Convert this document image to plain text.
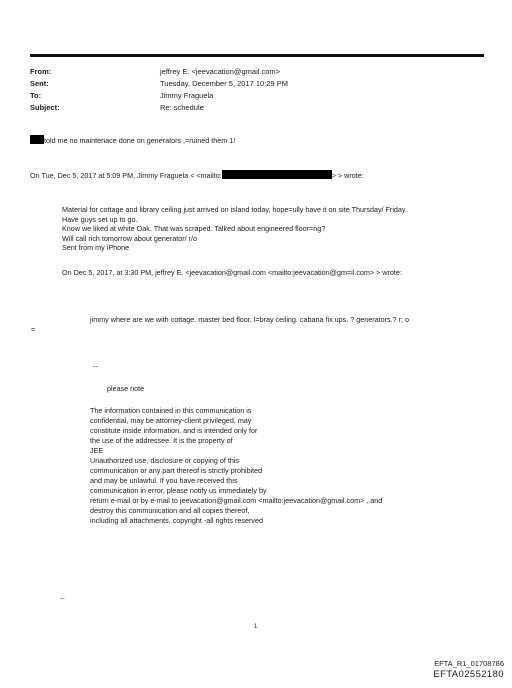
From:	jeffrey E. <jeevacation@gmail.com>
Sent:	Tuesday, December 5, 2017 10:29 PM
To:	Jimmy Fraguela
Subject:	Re: schedule
told me no maintenace done on generators ,=ruined them 1!
On Tue, Dec 5, 2017 at 5:09 PM, Jimmy Fraguela < <mailto:	> > wrote:
Material for cottage and library ceiling just arrived on island today, hope=ully have it on site Thursday/ Friday.
Have guys set up to go.
Know we liked at white Oak. That was scraped. Talked about engineered floor=ng?
Will call rich tomorrow about generator/ r/o
Sent from my iPhone
On Dec 5, 2017, at 3:30 PM, jeffrey E. <jeevacation@gmail.com <mailto:jeevacation@gm=il.com> > wrote:
jimmy where are we with cottage. master bed floor. l=bray ceiling. cabana fix ups. ? generators.? r; o
=
--
please note
The information contained in this communication is
confidential, may be attorney-client privileged, may
constitute inside information, and is intended only for
the use of the addressee. It is the property of
JEE
Unauthorized use, disclosure or copying of this
communication or any part thereof is strictly prohibited
and may be unlawful. If you have received this
communication in error, please notify us immediately by
return e-mail or by e-mail to jeevacation@gmail.com <mailto:jeevacation@gmail.com> , and
destroy this communication and all copies thereof,
including all attachments. copyright -all rights reserved
--
1
EFTA_R1_01708786
EFTA02552180
